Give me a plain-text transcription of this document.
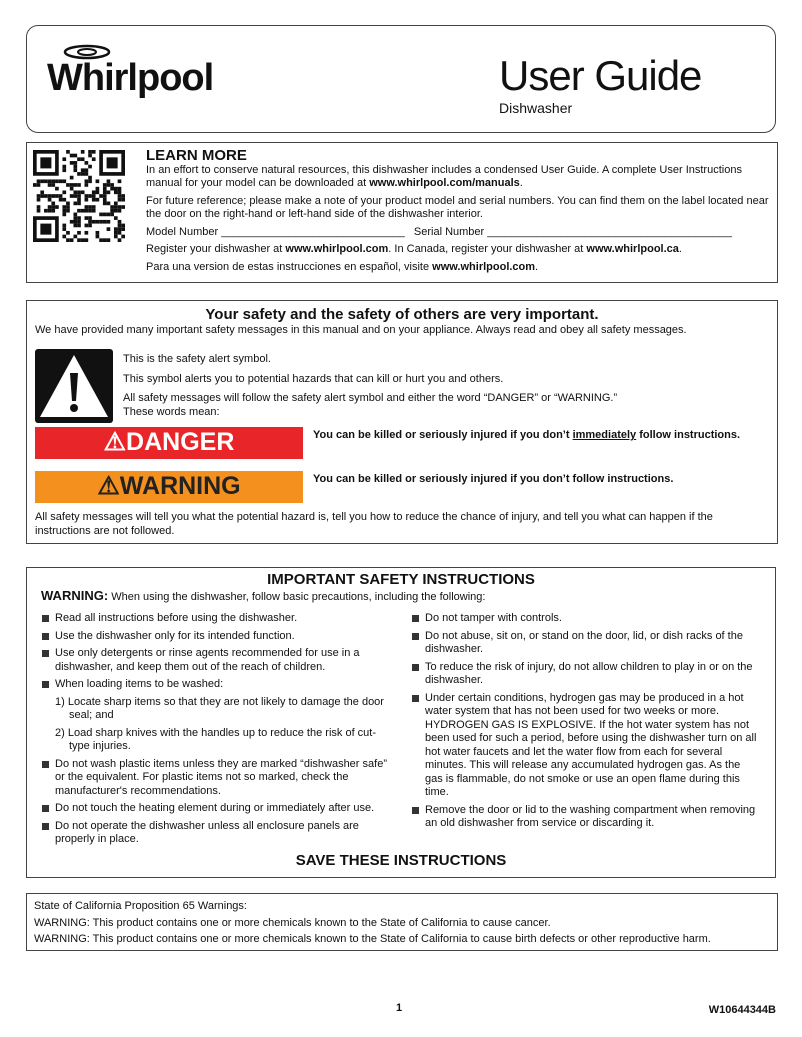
Whirlpool	User Guide
Dishwasher
LEARN MORE

In an effort to conserve natural resources, this dishwasher includes a condensed User Guide. A complete User Instructions manual for your model can be downloaded at www.whirlpool.com/manuals.

For future reference; please make a note of your product model and serial numbers. You can find them on the label located near the door on the right-hand or left-hand side of the dishwasher interior.

Model Number ______________________________ Serial Number ________________________________________

Register your dishwasher at www.whirlpool.com. In Canada, register your dishwasher at www.whirlpool.ca.

Para una version de estas instrucciones en español, visite www.whirlpool.com.

Your safety and the safety of others are very important.
We have provided many important safety messages in this manual and on your appliance. Always read and obey all safety messages.
This is the safety alert symbol.
This symbol alerts you to potential hazards that can kill or hurt you and others.
All safety messages will follow the safety alert symbol and either the word “DANGER” or “WARNING.”
These words mean:
⚠ DANGER	You can be killed or seriously injured if you don’t immediately follow instructions.
⚠ WARNING	You can be killed or seriously injured if you don’t follow instructions.
All safety messages will tell you what the potential hazard is, tell you how to reduce the chance of injury, and tell you what can happen if the instructions are not followed.
IMPORTANT SAFETY INSTRUCTIONS
WARNING: When using the dishwasher, follow basic precautions, including the following:
Read all instructions before using the dishwasher.
Use the dishwasher only for its intended function.
Use only detergents or rinse agents recommended for use in a dishwasher, and keep them out of the reach of children.
When loading items to be washed:
1) Locate sharp items so that they are not likely to damage the door seal; and
2) Load sharp knives with the handles up to reduce the risk of cut-type injuries.
Do not wash plastic items unless they are marked “dishwasher safe” or the equivalent. For plastic items not so marked, check the manufacturer's recommendations.
Do not touch the heating element during or immediately after use.
Do not operate the dishwasher unless all enclosure panels are properly in place.
Do not tamper with controls.
Do not abuse, sit on, or stand on the door, lid, or dish racks of the dishwasher.
To reduce the risk of injury, do not allow children to play in or on the dishwasher.
Under certain conditions, hydrogen gas may be produced in a hot water system that has not been used for two weeks or more. HYDROGEN GAS IS EXPLOSIVE. If the hot water system has not been used for such a period, before using the dishwasher turn on all hot water faucets and let the water flow from each for several minutes. This will release any accumulated hydrogen gas. As the gas is flammable, do not smoke or use an open flame during this time.
Remove the door or lid to the washing compartment when removing an old dishwasher from service or discarding it.
SAVE THESE INSTRUCTIONS

State of California Proposition 65 Warnings:

WARNING: This product contains one or more chemicals known to the State of California to cause cancer.

WARNING: This product contains one or more chemicals known to the State of California to cause birth defects or other reproductive harm.

1	W10644344B
